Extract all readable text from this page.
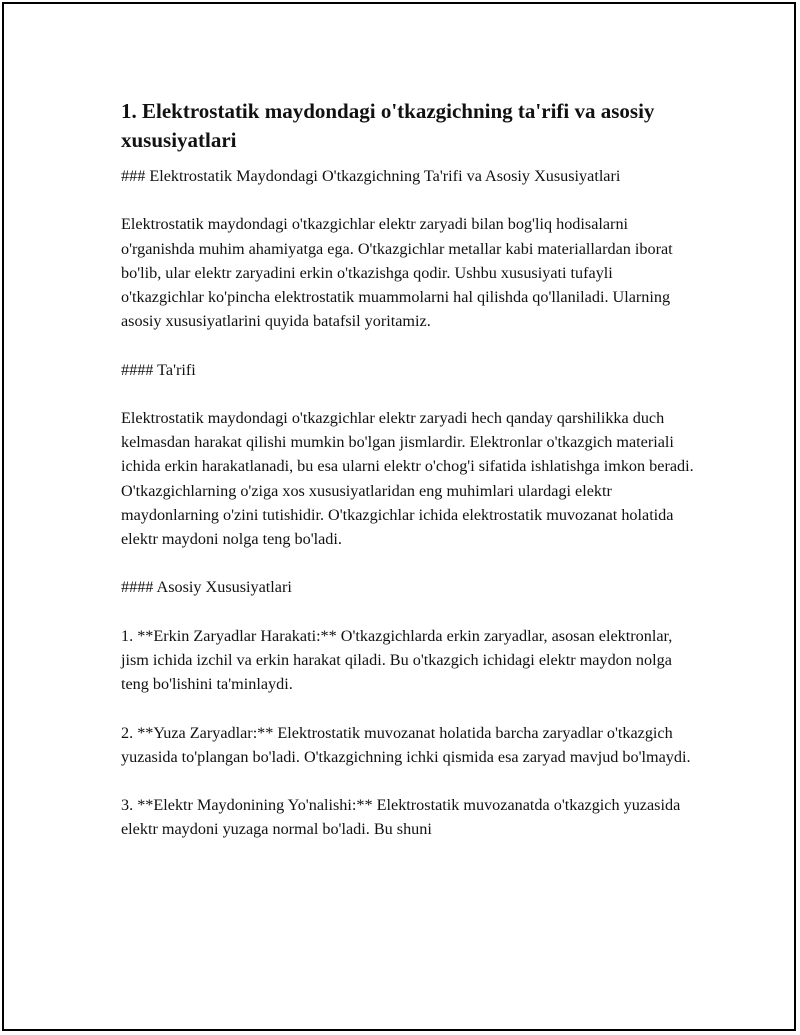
1. Elektrostatik maydondagi o'tkazgichning ta'rifi va asosiy xususiyatlari

### Elektrostatik Maydondagi O'tkazgichning Ta'rifi va Asosiy Xususiyatlari

Elektrostatik maydondagi o'tkazgichlar elektr zaryadi bilan bog'liq hodisalarni o'rganishda muhim ahamiyatga ega. O'tkazgichlar metallar kabi materiallardan iborat bo'lib, ular elektr zaryadini erkin o'tkazishga qodir. Ushbu xususiyati tufayli o'tkazgichlar ko'pincha elektrostatik muammolarni hal qilishda qo'llaniladi. Ularning asosiy xususiyatlarini quyida batafsil yoritamiz.

#### Ta'rifi

Elektrostatik maydondagi o'tkazgichlar elektr zaryadi hech qanday qarshilikka duch kelmasdan harakat qilishi mumkin bo'lgan jismlardir. Elektronlar o'tkazgich materiali ichida erkin harakatlanadi, bu esa ularni elektr o'chog'i sifatida ishlatishga imkon beradi. O'tkazgichlarning o'ziga xos xususiyatlaridan eng muhimlari ulardagi elektr maydonlarning o'zini tutishidir. O'tkazgichlar ichida elektrostatik muvozanat holatida elektr maydoni nolga teng bo'ladi.

#### Asosiy Xususiyatlari

1. **Erkin Zaryadlar Harakati:** O'tkazgichlarda erkin zaryadlar, asosan elektronlar, jism ichida izchil va erkin harakat qiladi. Bu o'tkazgich ichidagi elektr maydon nolga teng bo'lishini ta'minlaydi.

2. **Yuza Zaryadlar:** Elektrostatik muvozanat holatida barcha zaryadlar o'tkazgich yuzasida to'plangan bo'ladi. O'tkazgichning ichki qismida esa zaryad mavjud bo'lmaydi.

3. **Elektr Maydonining Yo'nalishi:** Elektrostatik muvozanatda o'tkazgich yuzasida elektr maydoni yuzaga normal bo'ladi. Bu shuni
